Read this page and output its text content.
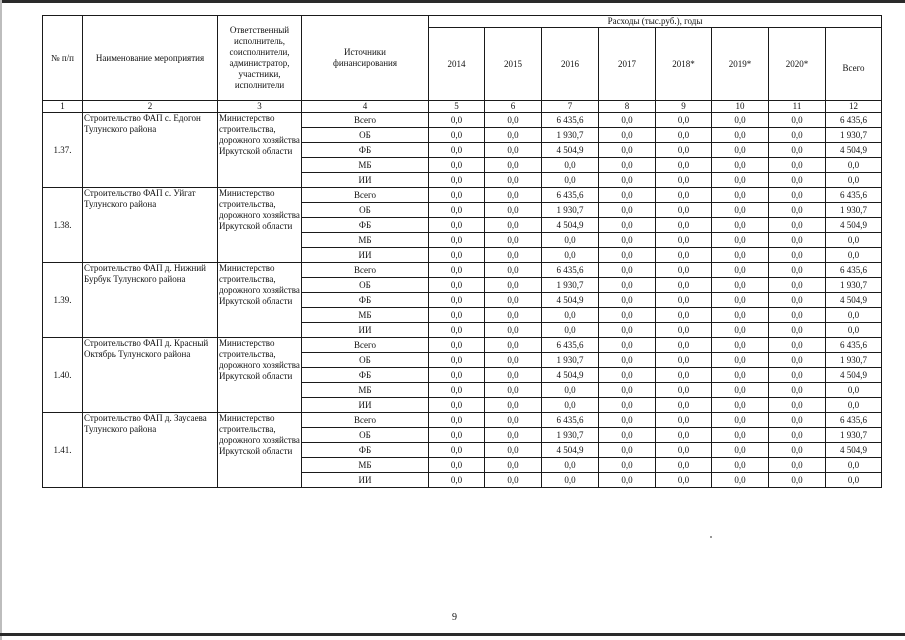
№ п/п	Наименование мероприятия	Ответственный исполнитель, соисполнители, администратор, участники, исполнители	Источники финансирования	Расходы (тыс.руб.), годы							
				2014	2015	2016	2017	2018*	2019*	2020*	Всего
1	2	3	4	5	6	7	8	9	10	11	12
1.37.	Строительство ФАП с. Едогон Тулунского района	Министерство строительства, дорожного хозяйства Иркутской области	Всего	0,0	0,0	6 435,6	0,0	0,0	0,0	0,0	6 435,6
			ОБ	0,0	0,0	1 930,7	0,0	0,0	0,0	0,0	1 930,7
			ФБ	0,0	0,0	4 504,9	0,0	0,0	0,0	0,0	4 504,9
			МБ	0,0	0,0	0,0	0,0	0,0	0,0	0,0	0,0
			ИИ	0,0	0,0	0,0	0,0	0,0	0,0	0,0	0,0
1.38.	Строительство ФАП с. Уйгат Тулунского района	Министерство строительства, дорожного хозяйства Иркутской области	Всего	0,0	0,0	6 435,6	0,0	0,0	0,0	0,0	6 435,6
			ОБ	0,0	0,0	1 930,7	0,0	0,0	0,0	0,0	1 930,7
			ФБ	0,0	0,0	4 504,9	0,0	0,0	0,0	0,0	4 504,9
			МБ	0,0	0,0	0,0	0,0	0,0	0,0	0,0	0,0
			ИИ	0,0	0,0	0,0	0,0	0,0	0,0	0,0	0,0
1.39.	Строительство ФАП д. Нижний Бурбук Тулунского района	Министерство строительства, дорожного хозяйства Иркутской области	Всего	0,0	0,0	6 435,6	0,0	0,0	0,0	0,0	6 435,6
			ОБ	0,0	0,0	1 930,7	0,0	0,0	0,0	0,0	1 930,7
			ФБ	0,0	0,0	4 504,9	0,0	0,0	0,0	0,0	4 504,9
			МБ	0,0	0,0	0,0	0,0	0,0	0,0	0,0	0,0
			ИИ	0,0	0,0	0,0	0,0	0,0	0,0	0,0	0,0
1.40.	Строительство ФАП д. Красный Октябрь Тулунского района	Министерство строительства, дорожного хозяйства Иркутской области	Всего	0,0	0,0	6 435,6	0,0	0,0	0,0	0,0	6 435,6
			ОБ	0,0	0,0	1 930,7	0,0	0,0	0,0	0,0	1 930,7
			ФБ	0,0	0,0	4 504,9	0,0	0,0	0,0	0,0	4 504,9
			МБ	0,0	0,0	0,0	0,0	0,0	0,0	0,0	0,0
			ИИ	0,0	0,0	0,0	0,0	0,0	0,0	0,0	0,0
1.41.	Строительство ФАП д. Заусаева Тулунского района	Министерство строительства, дорожного хозяйства Иркутской области	Всего	0,0	0,0	6 435,6	0,0	0,0	0,0	0,0	6 435,6
			ОБ	0,0	0,0	1 930,7	0,0	0,0	0,0	0,0	1 930,7
			ФБ	0,0	0,0	4 504,9	0,0	0,0	0,0	0,0	4 504,9
			МБ	0,0	0,0	0,0	0,0	0,0	0,0	0,0	0,0
			ИИ	0,0	0,0	0,0	0,0	0,0	0,0	0,0	0,0
9
